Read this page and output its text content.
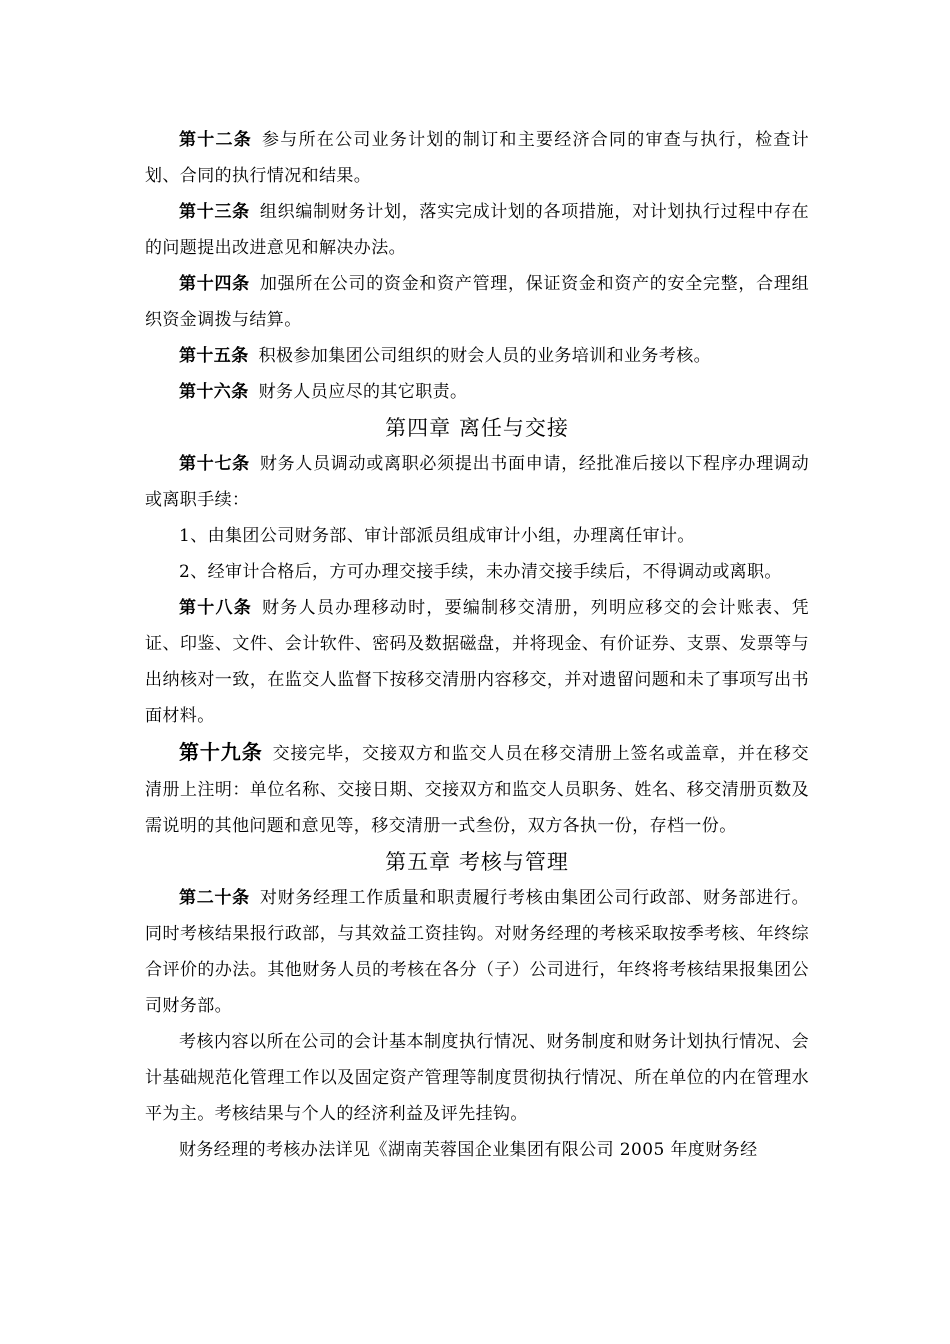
第十二条 参与所在公司业务计划的制订和主要经济合同的审查与执行，检查计划、合同的执行情况和结果。

第十三条 组织编制财务计划，落实完成计划的各项措施，对计划执行过程中存在的问题提出改进意见和解决办法。

第十四条 加强所在公司的资金和资产管理，保证资金和资产的安全完整，合理组织资金调拨与结算。

第十五条 积极参加集团公司组织的财会人员的业务培训和业务考核。

第十六条 财务人员应尽的其它职责。

第四章 离任与交接

第十七条 财务人员调动或离职必须提出书面申请，经批准后接以下程序办理调动或离职手续：

1、由集团公司财务部、审计部派员组成审计小组，办理离任审计。

2、经审计合格后，方可办理交接手续，未办清交接手续后，不得调动或离职。

第十八条 财务人员办理移动时，要编制移交清册，列明应移交的会计账表、凭证、印鉴、文件、会计软件、密码及数据磁盘，并将现金、有价证券、支票、发票等与出纳核对一致，在监交人监督下按移交清册内容移交，并对遗留问题和未了事项写出书面材料。

第十九条 交接完毕，交接双方和监交人员在移交清册上签名或盖章，并在移交清册上注明：单位名称、交接日期、交接双方和监交人员职务、姓名、移交清册页数及需说明的其他问题和意见等，移交清册一式叁份，双方各执一份，存档一份。

第五章 考核与管理

第二十条 对财务经理工作质量和职责履行考核由集团公司行政部、财务部进行。同时考核结果报行政部，与其效益工资挂钩。对财务经理的考核采取按季考核、年终综合评价的办法。其他财务人员的考核在各分（子）公司进行，年终将考核结果报集团公司财务部。

考核内容以所在公司的会计基本制度执行情况、财务制度和财务计划执行情况、会计基础规范化管理工作以及固定资产管理等制度贯彻执行情况、所在单位的内在管理水平为主。考核结果与个人的经济利益及评先挂钩。

财务经理的考核办法详见《湖南芙蓉国企业集团有限公司 2005 年度财务经
